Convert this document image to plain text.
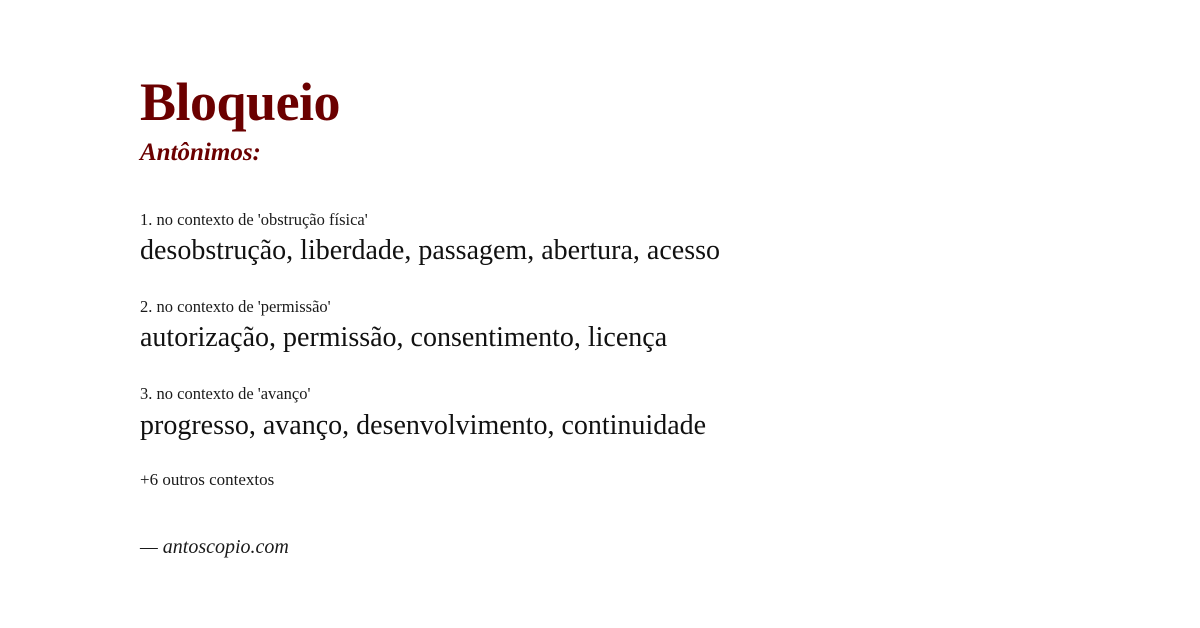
Bloqueio
Antônimos:
1. no contexto de 'obstrução física'
desobstrução, liberdade, passagem, abertura, acesso
2. no contexto de 'permissão'
autorização, permissão, consentimento, licença
3. no contexto de 'avanço'
progresso, avanço, desenvolvimento, continuidade
+6 outros contextos
— antoscopio.com
